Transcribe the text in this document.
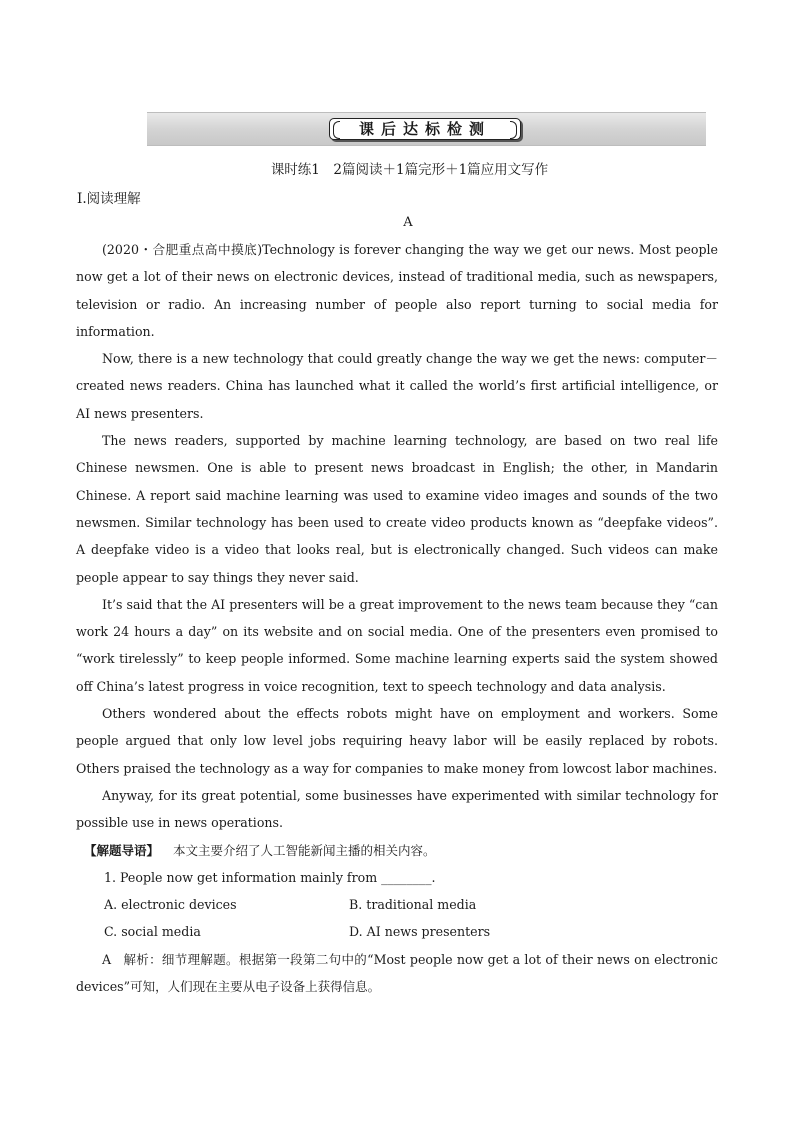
课后达标检测
课时练1　2篇阅读＋1篇完形＋1篇应用文写作
Ⅰ.阅读理解
A

(2020・合肥重点高中摸底)Technology is forever changing the way we get our news. Most people now get a lot of their news on electronic devices, instead of traditional media, such as newspapers, television or radio. An increasing number of people also report turning to social media for information.

Now, there is a new technology that could greatly change the way we get the news: computer－created news readers. China has launched what it called the world’s first artificial intelligence, or AI news presenters.

The news readers, supported by machine learning technology, are based on two real life Chinese newsmen. One is able to present news broadcast in English; the other, in Mandarin Chinese. A report said machine learning was used to examine video images and sounds of the two newsmen. Similar technology has been used to create video products known as “deepfake videos”. A deepfake video is a video that looks real, but is electronically changed. Such videos can make people appear to say things they never said.

It’s said that the AI presenters will be a great improvement to the news team because they “can work 24 hours a day” on its website and on social media. One of the presenters even promised to “work tirelessly” to keep people informed. Some machine learning experts said the system showed off China’s latest progress in voice recognition, text to speech technology and data analysis.

Others wondered about the effects robots might have on employment and workers. Some people argued that only low level jobs requiring heavy labor will be easily replaced by robots. Others praised the technology as a way for companies to make money from lowcost labor machines.

Anyway, for its great potential, some businesses have experimented with similar technology for possible use in news operations.

【解题导语】 本文主要介绍了人工智能新闻主播的相关内容。

1. People now get information mainly from ________.
A. electronic devices	B. traditional media
C. social media	D. AI news presenters

A 解析：细节理解题。根据第一段第二句中的“Most people now get a lot of their news on electronic devices”可知，人们现在主要从电子设备上获得信息。
